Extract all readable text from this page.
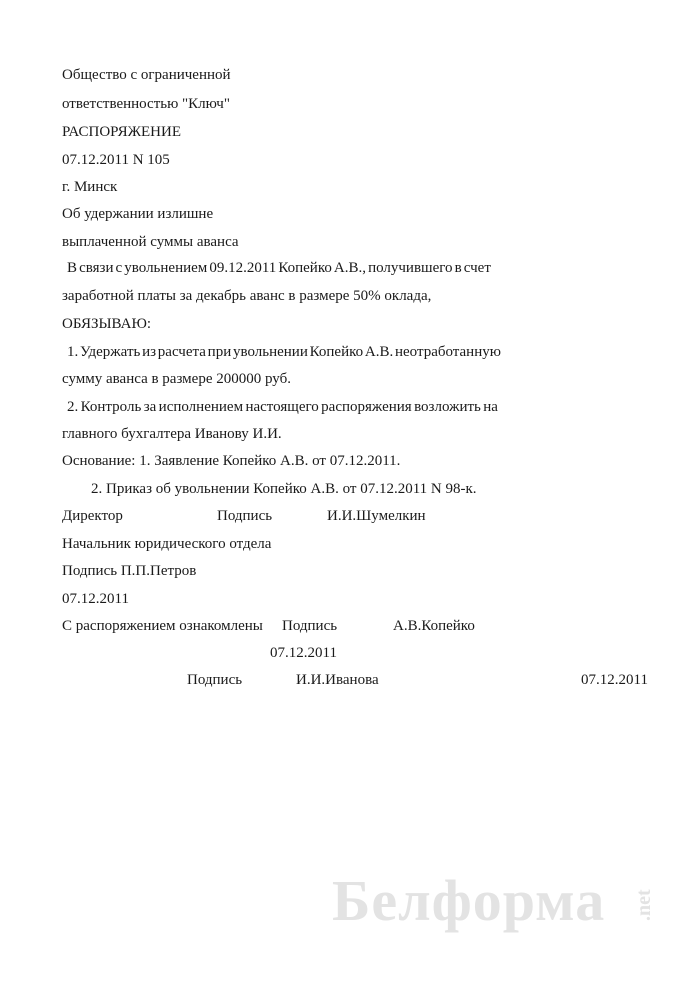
Общество с ограниченной
ответственностью "Ключ"
РАСПОРЯЖЕНИЕ
07.12.2011 N 105
г. Минск
Об удержании излишне
выплаченной суммы аванса
В связи с увольнением 09.12.2011 Копейко А.В., получившего в счет
заработной платы за декабрь аванс в размере 50% оклада,
ОБЯЗЫВАЮ:
1. Удержать из расчета при увольнении Копейко А.В. неотработанную
сумму аванса в размере 200000 руб.
2. Контроль за исполнением настоящего распоряжения возложить на
главного бухгалтера Иванову И.И.
Основание: 1. Заявление Копейко А.В. от 07.12.2011.
2. Приказ об увольнении Копейко А.В. от 07.12.2011 N 98-к.
Директор	Подпись	И.И.Шумелкин
Начальник юридического отдела
Подпись П.П.Петров
07.12.2011
С распоряжением ознакомлены Подпись	А.В.Копейко
07.12.2011
Подпись	И.И.Иванова	07.12.2011
Белформа .net
